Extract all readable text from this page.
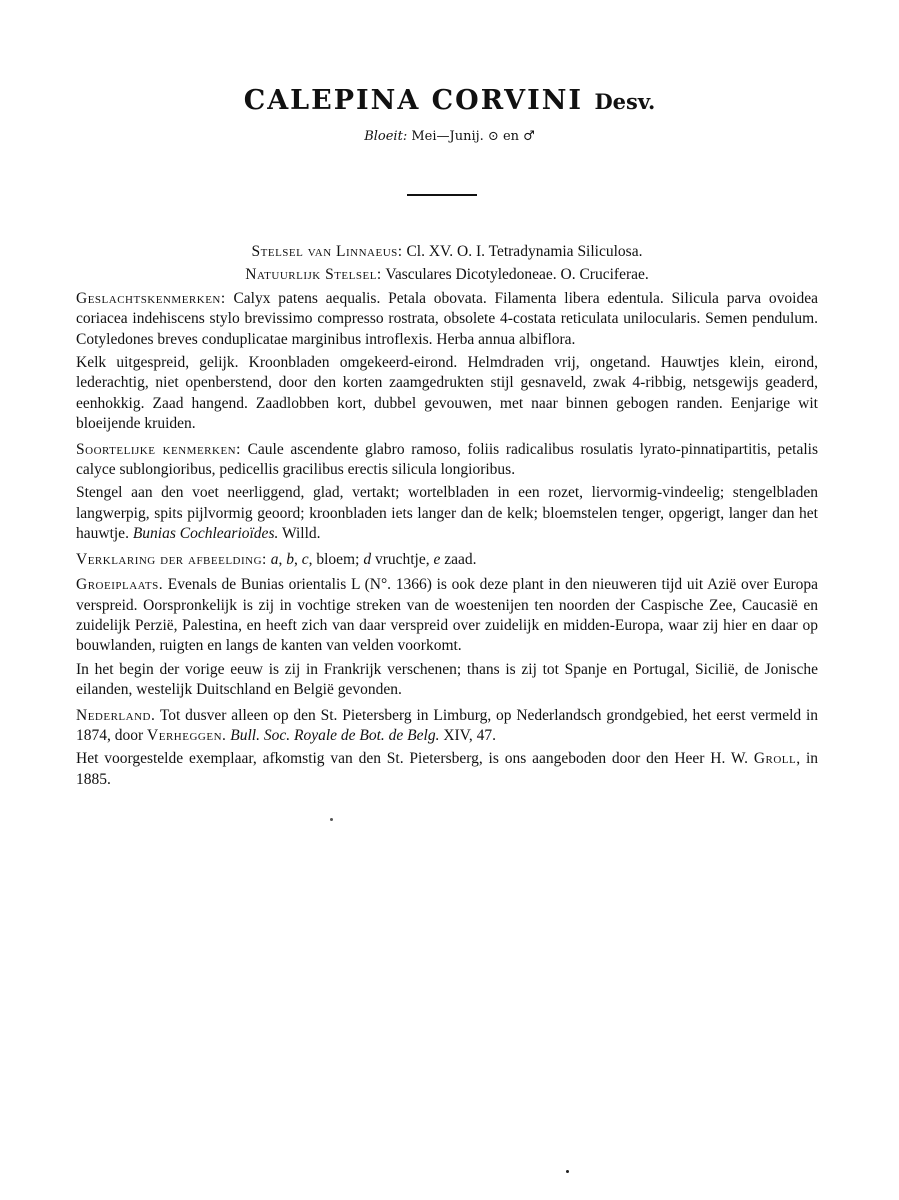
CALEPINA CORVINI Desv.
Bloeit: Mei—Junij. ⊙ en ♂

Stelsel van Linnaeus: Cl. XV. O. I. Tetradynamia Siliculosa.

Natuurlijk Stelsel: Vasculares Dicotyledoneae. O. Cruciferae.

Geslachtskenmerken: Calyx patens aequalis. Petala obovata. Filamenta libera edentula. Silicula parva ovoidea coriacea indehiscens stylo brevissimo compresso rostrata, obsolete 4-costata reticulata unilocularis. Semen pendulum. Cotyledones breves conduplicatae marginibus introflexis. Herba annua albiflora.

Kelk uitgespreid, gelijk. Kroonbladen omgekeerd-eirond. Helmdraden vrij, ongetand. Hauwtjes klein, eirond, lederachtig, niet openberstend, door den korten zaamgedrukten stijl gesnaveld, zwak 4-ribbig, netsgewijs geaderd, eenhokkig. Zaad hangend. Zaadlobben kort, dubbel gevouwen, met naar binnen gebogen randen. Eenjarige wit bloeijende kruiden.

Soortelijke kenmerken: Caule ascendente glabro ramoso, foliis radicalibus rosulatis lyrato-pinnatipartitis, petalis calyce sublongioribus, pedicellis gracilibus erectis silicula longioribus.

Stengel aan den voet neerliggend, glad, vertakt; wortelbladen in een rozet, liervormig-vindeelig; stengelbladen langwerpig, spits pijlvormig geoord; kroonbladen iets langer dan de kelk; bloemstelen tenger, opgerigt, langer dan het hauwtje. Bunias Cochlearioïdes. Willd.

Verklaring der afbeelding: a, b, c, bloem; d vruchtje, e zaad.

Groeiplaats. Evenals de Bunias orientalis L (N°. 1366) is ook deze plant in den nieuweren tijd uit Azië over Europa verspreid. Oorspronkelijk is zij in vochtige streken van de woestenijen ten noorden der Caspische Zee, Caucasië en zuidelijk Perzië, Palestina, en heeft zich van daar verspreid over zuidelijk en midden-Europa, waar zij hier en daar op bouwlanden, ruigten en langs de kanten van velden voorkomt.

In het begin der vorige eeuw is zij in Frankrijk verschenen; thans is zij tot Spanje en Portugal, Sicilië, de Jonische eilanden, westelijk Duitschland en België gevonden.

Nederland. Tot dusver alleen op den St. Pietersberg in Limburg, op Nederlandsch grondgebied, het eerst vermeld in 1874, door Verheggen. Bull. Soc. Royale de Bot. de Belg. XIV, 47.

Het voorgestelde exemplaar, afkomstig van den St. Pietersberg, is ons aangeboden door den Heer H. W. Groll, in 1885.
